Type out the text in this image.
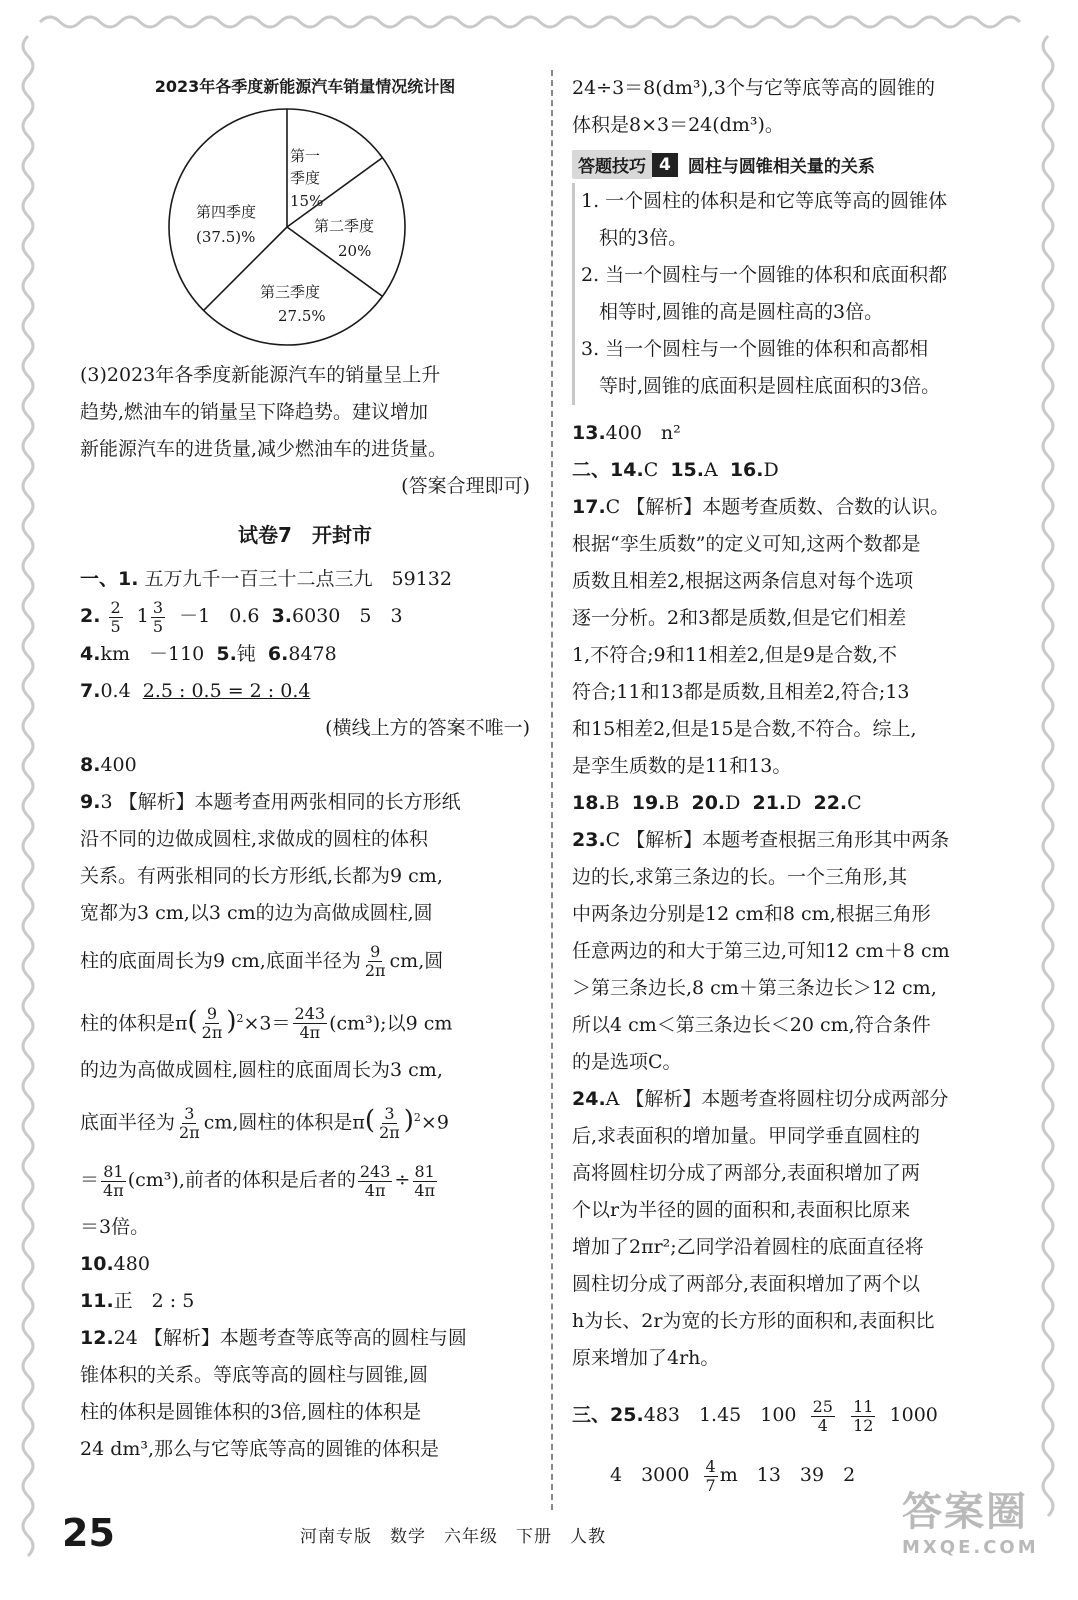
2023年各季度新能源汽车销量情况统计图
第一
季度
15%
第二季度
20%
第三季度
27.5%
第四季度
(37.5)%
(3)2023年各季度新能源汽车的销量呈上升
趋势,燃油车的销量呈下降趋势。建议增加
新能源汽车的进货量,减少燃油车的进货量。
(答案合理即可)
试卷7　开封市
一、1. 五万九千一百三十二点三九　59132
2. $\frac{2}{5} 1 \frac{3}{5} -1$　0.6 3.6030　5　3
4.km　－110 5.钝 6.8478
7.0.4 2.5 : 0.5 = 2 : 0.4
(横线上方的答案不唯一)
8.400
9.3 【解析】本题考查用两张相同的长方形纸
沿不同的边做成圆柱,求做成的圆柱的体积
关系。有两张相同的长方形纸,长都为9 cm,
宽都为3 cm,以3 cm的边为高做成圆柱,圆
柱的底面周长为9 cm,底面半径为 $\frac{9}{2\pi}$ cm,圆
柱的体积是$\pi( \frac{9}{2\pi} )^2\times 3= \frac{243}{4\pi} (cm^3)$;以9 cm
的边为高做成圆柱,圆柱的底面周长为3 cm,
底面半径为 $\frac{3}{2\pi}$ cm,圆柱的体积是$\pi( \frac{3}{2\pi} )^2\times 9$
＝ $\frac{81}{4\pi} (cm^3)$,前者的体积是后者的 $\frac{243}{4\pi} \div \frac{81}{4\pi}$
＝3倍。
10.480
11.正　2 : 5
12.24 【解析】本题考查等底等高的圆柱与圆
锥体积的关系。等底等高的圆柱与圆锥,圆
柱的体积是圆锥体积的3倍,圆柱的体积是
24 dm³,那么与它等底等高的圆锥的体积是
24÷3＝8(dm³),3个与它等底等高的圆锥的
体积是8×3＝24(dm³)。
答题技巧 4	圆柱与圆锥相关量的关系
1. 一个圆柱的体积是和它等底等高的圆锥体
积的3倍。
2. 当一个圆柱与一个圆锥的体积和底面积都
相等时,圆锥的高是圆柱高的3倍。
3. 当一个圆柱与一个圆锥的体积和高都相
等时,圆锥的底面积是圆柱底面积的3倍。
13.400　n²
二、14.C 15.A 16.D
17.C 【解析】本题考查质数、合数的认识。
根据“孪生质数”的定义可知,这两个数都是
质数且相差2,根据这两条信息对每个选项
逐一分析。2和3都是质数,但是它们相差
1,不符合;9和11相差2,但是9是合数,不
符合;11和13都是质数,且相差2,符合;13
和15相差2,但是15是合数,不符合。综上,
是孪生质数的是11和13。
18.B 19.B 20.D 21.D 22.C
23.C 【解析】本题考查根据三角形其中两条
边的长,求第三条边的长。一个三角形,其
中两条边分别是12 cm和8 cm,根据三角形
任意两边的和大于第三边,可知12 cm＋8 cm
＞第三条边长,8 cm＋第三条边长＞12 cm,
所以4 cm＜第三条边长＜20 cm,符合条件
的是选项C。
24.A 【解析】本题考查将圆柱切分成两部分
后,求表面积的增加量。甲同学垂直圆柱的
高将圆柱切分成了两部分,表面积增加了两
个以r为半径的圆的面积和,表面积比原来
增加了2πr²;乙同学沿着圆柱的底面直径将
圆柱切分成了两部分,表面积增加了两个以
h为长、2r为宽的长方形的面积和,表面积比
原来增加了4rh。
三、25.483　1.45　$100 \frac{25}{4}$
$\frac{11}{12} 1000$
4　$3000 \frac{4}{7}$ m　13　39　2
25	河南专版　数学　六年级　下册　人教
答案圈
MXQE.COM
